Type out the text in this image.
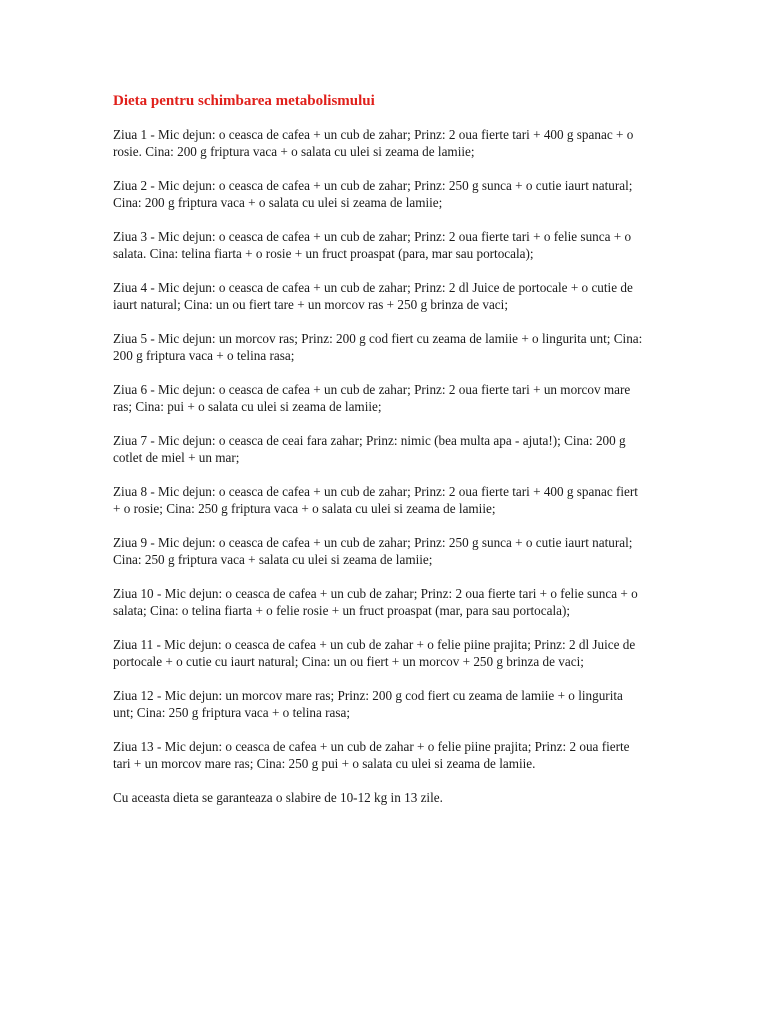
Dieta pentru schimbarea metabolismului

Ziua 1 - Mic dejun: o ceasca de cafea + un cub de zahar; Prinz: 2 oua fierte tari + 400 g spanac + o rosie. Cina: 200 g friptura vaca + o salata cu ulei si zeama de lamiie;

Ziua 2 - Mic dejun: o ceasca de cafea + un cub de zahar; Prinz: 250 g sunca + o cutie iaurt natural; Cina: 200 g friptura vaca + o salata cu ulei si zeama de lamiie;

Ziua 3 - Mic dejun: o ceasca de cafea + un cub de zahar; Prinz: 2 oua fierte tari + o felie sunca + o salata. Cina: telina fiarta + o rosie + un fruct proaspat (para, mar sau portocala);

Ziua 4 - Mic dejun: o ceasca de cafea + un cub de zahar; Prinz: 2 dl Juice de portocale + o cutie de iaurt natural; Cina: un ou fiert tare + un morcov ras + 250 g brinza de vaci;

Ziua 5 - Mic dejun: un morcov ras; Prinz: 200 g cod fiert cu zeama de lamiie + o lingurita unt; Cina: 200 g friptura vaca + o telina rasa;

Ziua 6 - Mic dejun: o ceasca de cafea + un cub de zahar; Prinz: 2 oua fierte tari + un morcov mare ras; Cina: pui + o salata cu ulei si zeama de lamiie;

Ziua 7 - Mic dejun: o ceasca de ceai fara zahar; Prinz: nimic (bea multa apa - ajuta!); Cina: 200 g cotlet de miel + un mar;

Ziua 8 - Mic dejun: o ceasca de cafea + un cub de zahar; Prinz: 2 oua fierte tari + 400 g spanac fiert + o rosie; Cina: 250 g friptura vaca + o salata cu ulei si zeama de lamiie;

Ziua 9 - Mic dejun: o ceasca de cafea + un cub de zahar; Prinz: 250 g sunca + o cutie iaurt natural; Cina: 250 g friptura vaca + salata cu ulei si zeama de lamiie;

Ziua 10 - Mic dejun: o ceasca de cafea + un cub de zahar; Prinz: 2 oua fierte tari + o felie sunca + o salata; Cina: o telina fiarta + o felie rosie + un fruct proaspat (mar, para sau portocala);

Ziua 11 - Mic dejun: o ceasca de cafea + un cub de zahar + o felie piine prajita; Prinz: 2 dl Juice de portocale + o cutie cu iaurt natural; Cina: un ou fiert + un morcov + 250 g brinza de vaci;

Ziua 12 - Mic dejun: un morcov mare ras; Prinz: 200 g cod fiert cu zeama de lamiie + o lingurita unt; Cina: 250 g friptura vaca + o telina rasa;

Ziua 13 - Mic dejun: o ceasca de cafea + un cub de zahar + o felie piine prajita; Prinz: 2 oua fierte tari + un morcov mare ras; Cina: 250 g pui + o salata cu ulei si zeama de lamiie.

Cu aceasta dieta se garanteaza o slabire de 10-12 kg in 13 zile.
